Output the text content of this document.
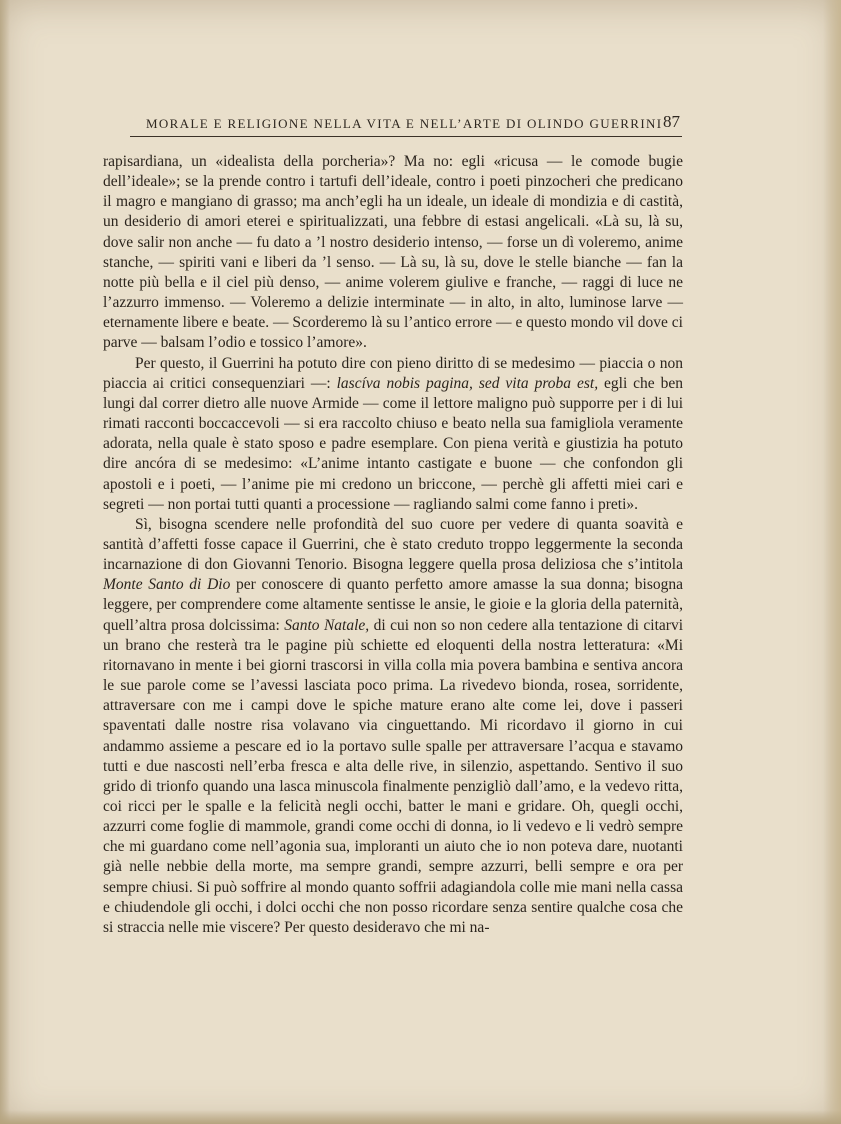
MORALE E RELIGIONE NELLA VITA E NELL’ARTE DI OLINDO GUERRINI 87

rapisardiana, un «idealista della porcheria»? Ma no: egli «ricusa — le comode bugie dell’ideale»; se la prende contro i tartufi dell’ideale, contro i poeti pinzocheri che predicano il magro e mangiano di grasso; ma anch’egli ha un ideale, un ideale di mondizia e di castità, un desiderio di amori eterei e spiritualizzati, una febbre di estasi angelicali. «Là su, là su, dove salir non anche — fu dato a ’l nostro desiderio intenso, — forse un dì voleremo, anime stanche, — spiriti vani e liberi da ’l senso. — Là su, là su, dove le stelle bianche — fan la notte più bella e il ciel più denso, — anime volerem giulive e franche, — raggi di luce ne l’azzurro immenso. — Voleremo a delizie interminate — in alto, in alto, luminose larve — eternamente libere e beate. — Scorderemo là su l’antico errore — e questo mondo vil dove ci parve — balsam l’odio e tossico l’amore».

Per questo, il Guerrini ha potuto dire con pieno diritto di se medesimo — piaccia o non piaccia ai critici consequenziari —: lascíva nobis pagina, sed vita proba est, egli che ben lungi dal correr dietro alle nuove Armide — come il lettore maligno può supporre per i di lui rimati racconti boccaccevoli — si era raccolto chiuso e beato nella sua famigliola veramente adorata, nella quale è stato sposo e padre esemplare. Con piena verità e giustizia ha potuto dire ancóra di se medesimo: «L’anime intanto castigate e buone — che confondon gli apostoli e i poeti, — l’anime pie mi credono un briccone, — perchè gli affetti miei cari e segreti — non portai tutti quanti a processione — ragliando salmi come fanno i preti».

Sì, bisogna scendere nelle profondità del suo cuore per vedere di quanta soavità e santità d’affetti fosse capace il Guerrini, che è stato creduto troppo leggermente la seconda incarnazione di don Giovanni Tenorio. Bisogna leggere quella prosa deliziosa che s’intitola Monte Santo di Dio per conoscere di quanto perfetto amore amasse la sua donna; bisogna leggere, per comprendere come altamente sentisse le ansie, le gioie e la gloria della paternità, quell’altra prosa dolcissima: Santo Natale, di cui non so non cedere alla tentazione di citarvi un brano che resterà tra le pagine più schiette ed eloquenti della nostra letteratura: «Mi ritornavano in mente i bei giorni trascorsi in villa colla mia povera bambina e sentiva ancora le sue parole come se l’avessi lasciata poco prima. La rivedevo bionda, rosea, sorridente, attraversare con me i campi dove le spiche mature erano alte come lei, dove i passeri spaventati dalle nostre risa volavano via cinguettando. Mi ricordavo il giorno in cui andammo assieme a pescare ed io la portavo sulle spalle per attraversare l’acqua e stavamo tutti e due nascosti nell’erba fresca e alta delle rive, in silenzio, aspettando. Sentivo il suo grido di trionfo quando una lasca minuscola finalmente penzigliò dall’amo, e la vedevo ritta, coi ricci per le spalle e la felicità negli occhi, batter le mani e gridare. Oh, quegli occhi, azzurri come foglie di mammole, grandi come occhi di donna, io li vedevo e li vedrò sempre che mi guardano come nell’agonia sua, imploranti un aiuto che io non poteva dare, nuotanti già nelle nebbie della morte, ma sempre grandi, sempre azzurri, belli sempre e ora per sempre chiusi. Si può soffrire al mondo quanto soffrii adagiandola colle mie mani nella cassa e chiudendole gli occhi, i dolci occhi che non posso ricordare senza sentire qualche cosa che si straccia nelle mie viscere? Per questo desideravo che mi na-
